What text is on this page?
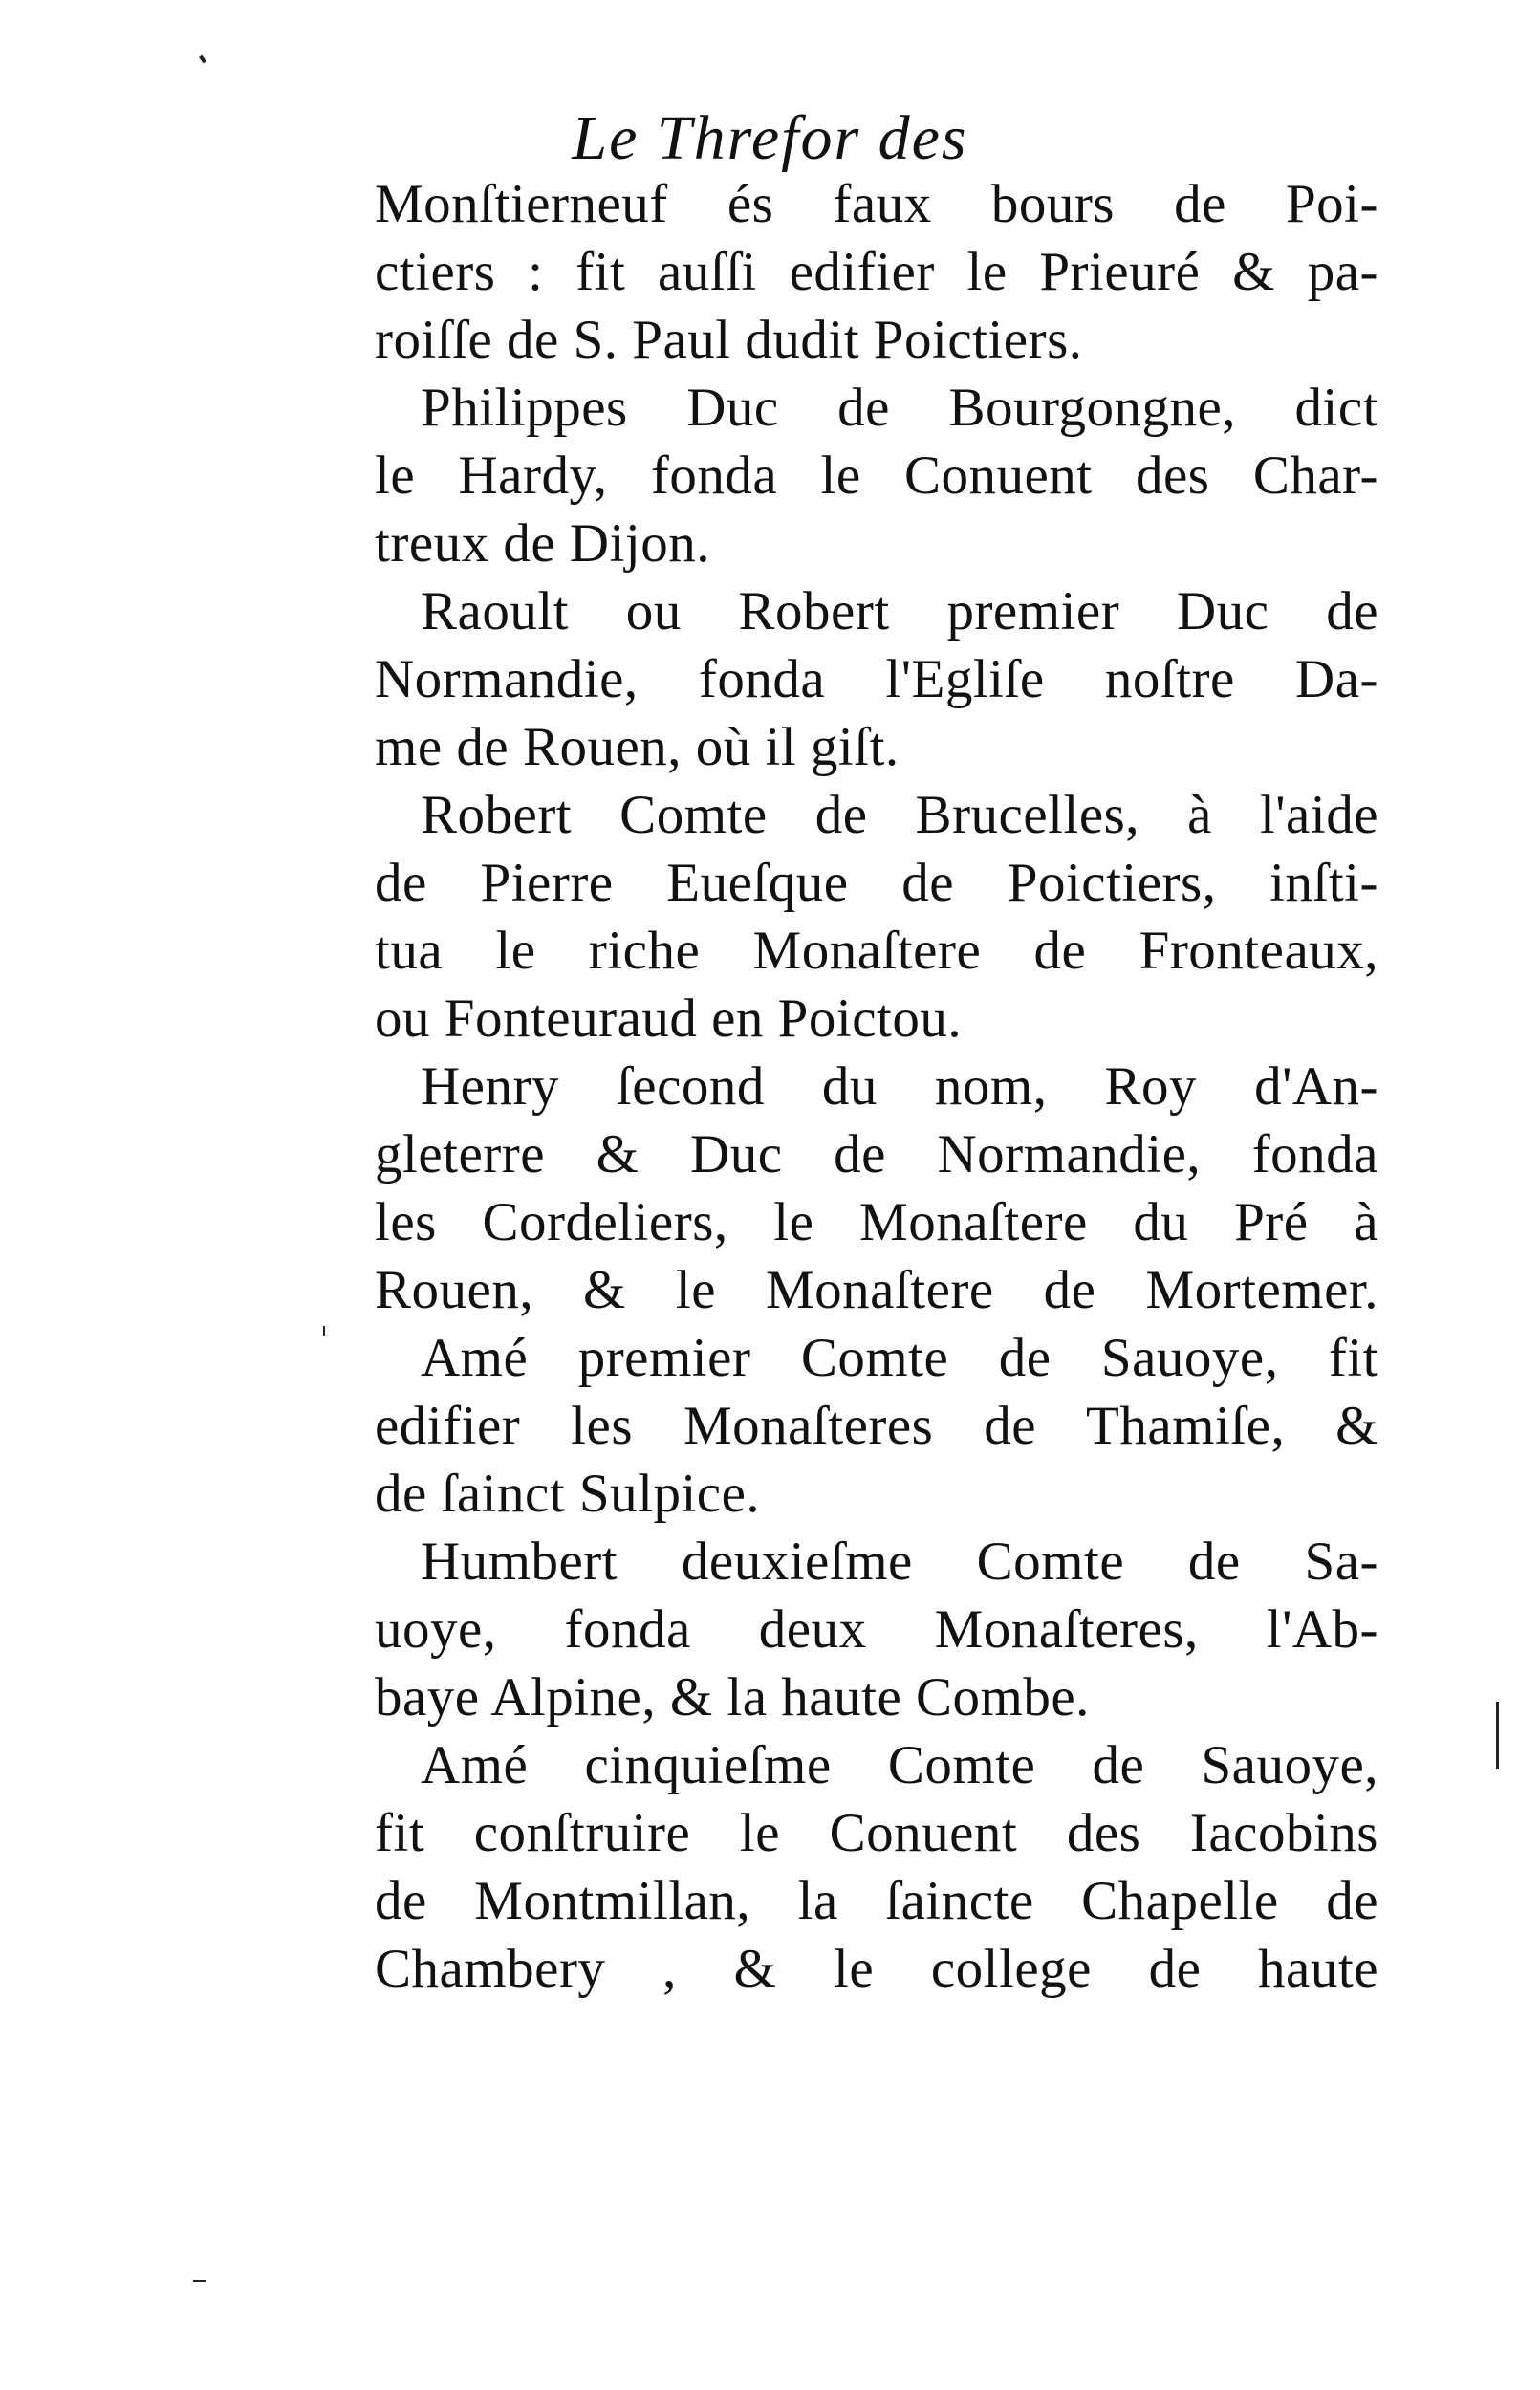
Le Threfor des
Monſtierneuf és faux bours de Poi-
ctiers : fit auſſi edifier le Prieuré & pa-
roiſſe de S. Paul dudit Poictiers.
Philippes Duc de Bourgongne, dict
le Hardy, fonda le Conuent des Char-
treux de Dijon.
Raoult ou Robert premier Duc de
Normandie, fonda l'Egliſe noſtre Da-
me de Rouen, où il giſt.
Robert Comte de Brucelles, à l'aide
de Pierre Eueſque de Poictiers, inſti-
tua le riche Monaſtere de Fronteaux,
ou Fonteuraud en Poictou.
Henry ſecond du nom, Roy d'An-
gleterre & Duc de Normandie, fonda
les Cordeliers, le Monaſtere du Pré à
Rouen, & le Monaſtere de Mortemer.
Amé premier Comte de Sauoye, fit
edifier les Monaſteres de Thamiſe, &
de ſainct Sulpice.
Humbert deuxieſme Comte de Sa-
uoye, fonda deux Monaſteres, l'Ab-
baye Alpine, & la haute Combe.
Amé cinquieſme Comte de Sauoye,
fit conſtruire le Conuent des Iacobins
de Montmillan, la ſaincte Chapelle de
Chambery , & le college de haute
